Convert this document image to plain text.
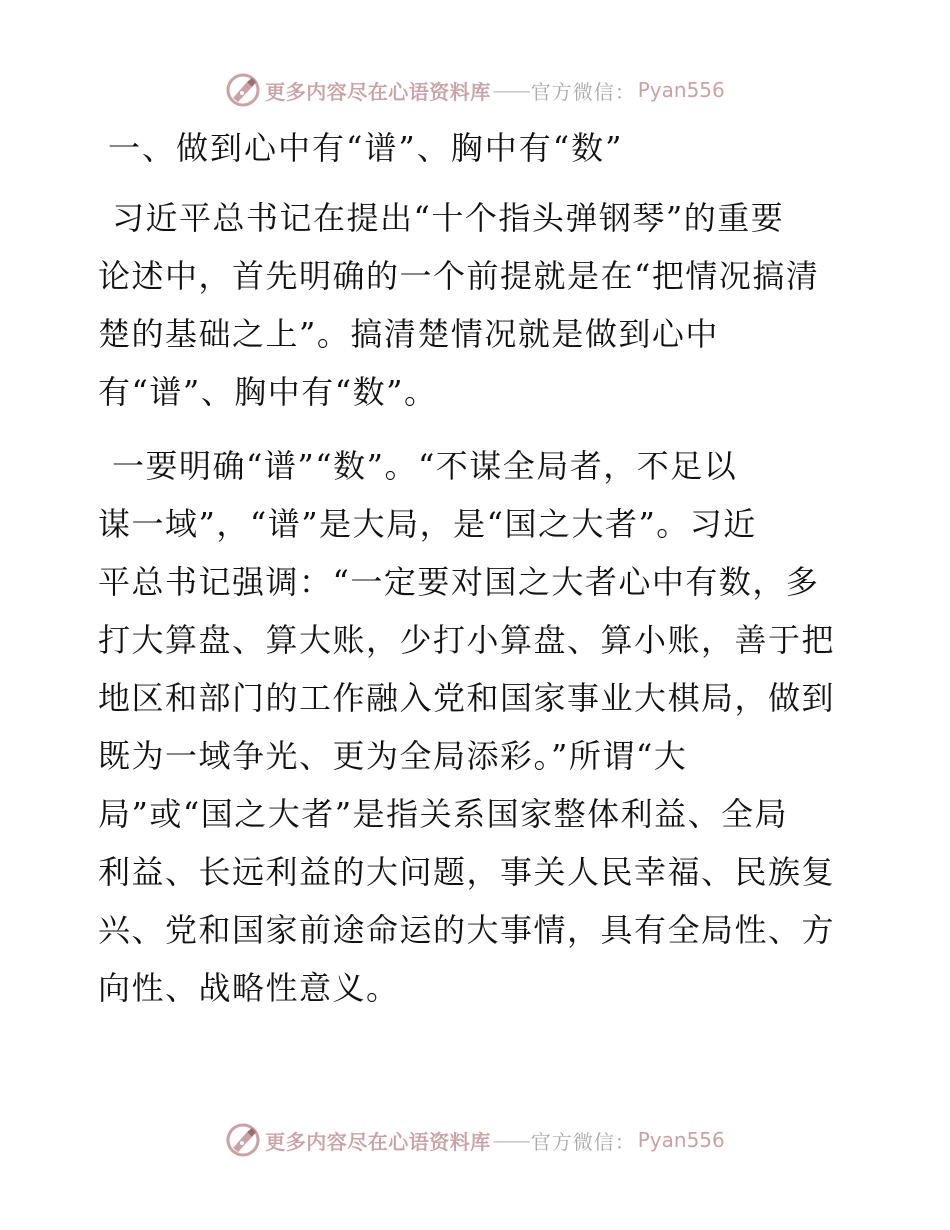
更多内容尽在心语资料库 —— 官方微信： Pyan556
一、做到心中有“谱”、胸中有“数”
习近平总书记在提出“十个指头弹钢琴”的重要
论述中，首先明确的一个前提就是在“把情况搞清
楚的基础之上”。搞清楚情况就是做到心中
有“谱”、胸中有“数”。
一要明确“谱”“数”。“不谋全局者，不足以
谋一域”，“谱”是大局，是“国之大者”。习近
平总书记强调：“一定要对国之大者心中有数，多
打大算盘、算大账，少打小算盘、算小账，善于把
地区和部门的工作融入党和国家事业大棋局，做到
既为一域争光、更为全局添彩。”所谓“大
局”或“国之大者”是指关系国家整体利益、全局
利益、长远利益的大问题，事关人民幸福、民族复
兴、党和国家前途命运的大事情，具有全局性、方
向性、战略性意义。
更多内容尽在心语资料库 —— 官方微信： Pyan556
